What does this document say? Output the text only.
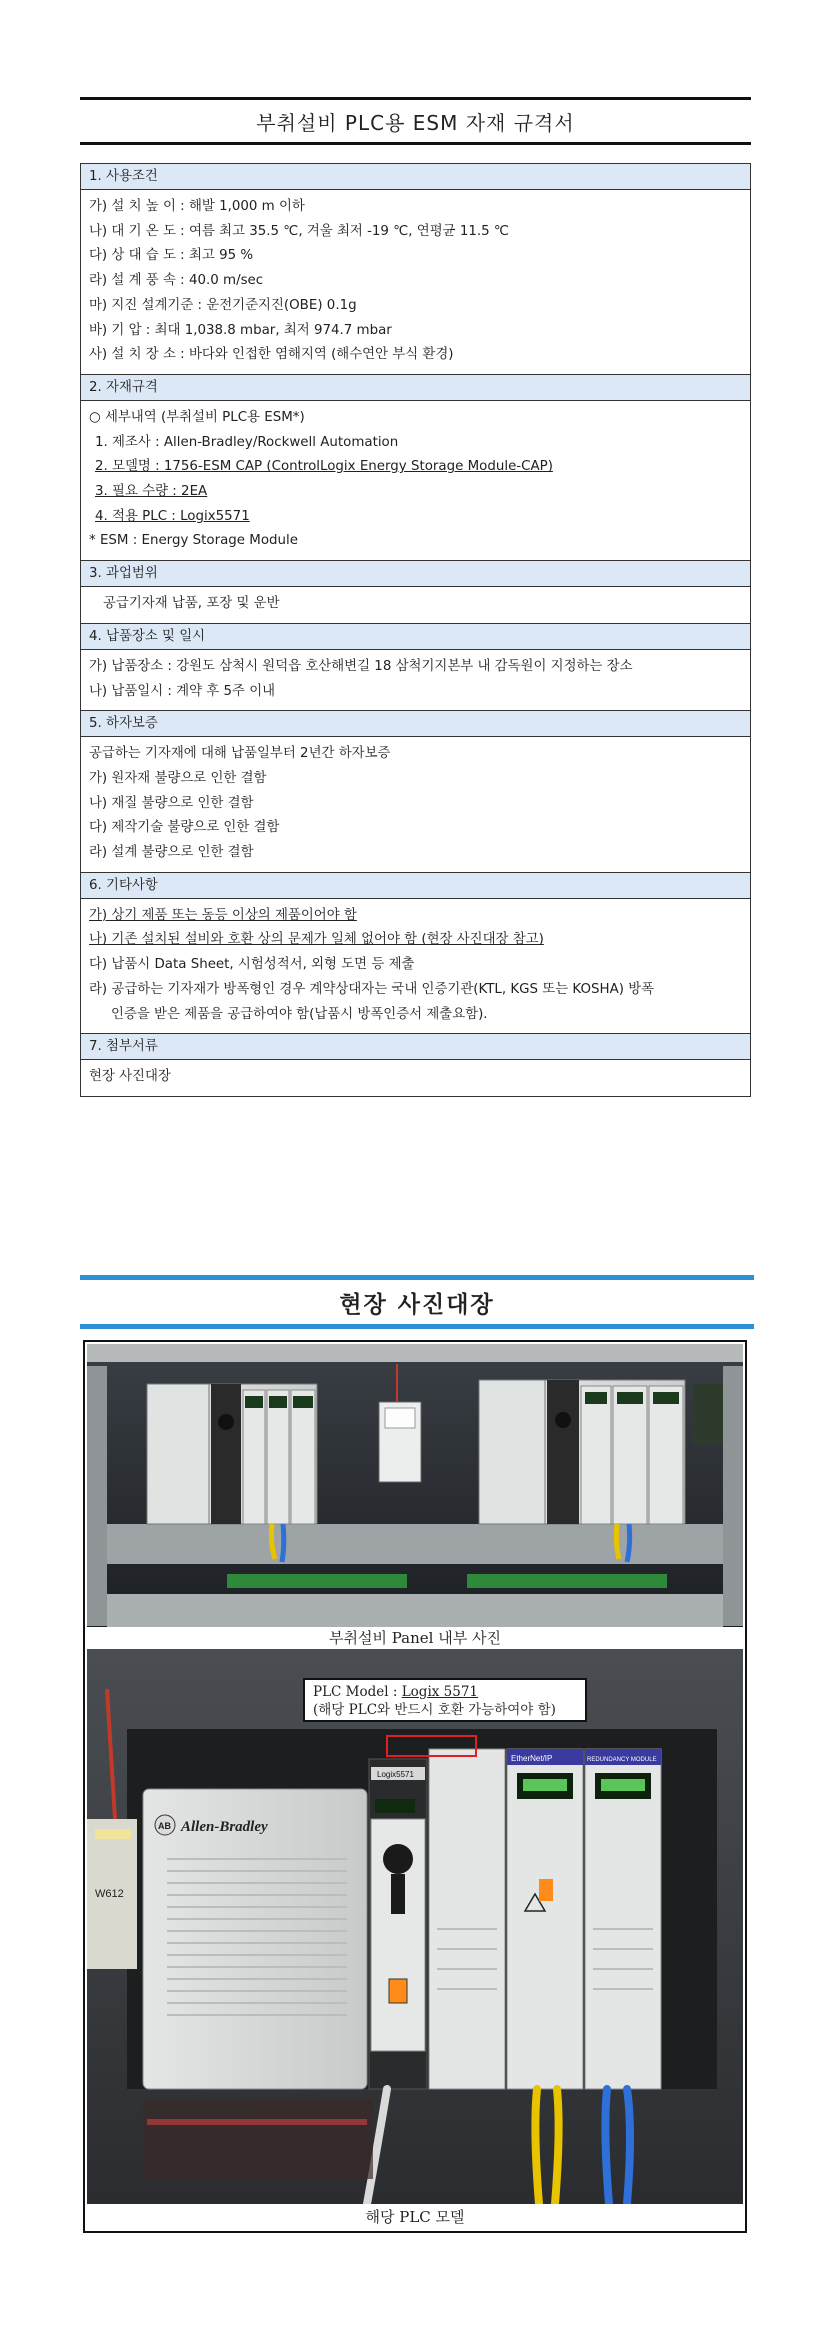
부취설비 PLC용 ESM 자재 규격서
1. 사용조건
가) 설 치 높 이 : 해발 1,000 m 이하
나) 대 기 온 도 : 여름 최고 35.5 ℃, 겨울 최저 -19 ℃, 연평균 11.5 ℃
다) 상 대 습 도 : 최고 95 %
라) 설 계 풍 속 : 40.0 m/sec
마) 지진 설계기준 : 운전기준지진(OBE) 0.1g
바) 기 압 : 최대 1,038.8 mbar, 최저 974.7 mbar
사) 설 치 장 소 : 바다와 인접한 염해지역 (해수연안 부식 환경)
2. 자재규격
○ 세부내역 (부취설비 PLC용 ESM*)
1. 제조사 : Allen-Bradley/Rockwell Automation
2. 모델명 : 1756-ESM CAP (ControlLogix Energy Storage Module-CAP)
3. 필요 수량 : 2EA
4. 적용 PLC : Logix5571
* ESM : Energy Storage Module
3. 과업범위
공급기자재 납품, 포장 및 운반
4. 납품장소 및 일시
가) 납품장소 : 강원도 삼척시 원덕읍 호산해변길 18 삼척기지본부 내 감독원이 지정하는 장소
나) 납품일시 : 계약 후 5주 이내
5. 하자보증
공급하는 기자재에 대해 납품일부터 2년간 하자보증
가) 원자재 불량으로 인한 결함
나) 재질 불량으로 인한 결함
다) 제작기술 불량으로 인한 결함
라) 설계 불량으로 인한 결함
6. 기타사항
가) 상기 제품 또는 동등 이상의 제품이어야 함
나) 기존 설치된 설비와 호환 상의 문제가 일체 없어야 함 (현장 사진대장 참고)
다) 납품시 Data Sheet, 시험성적서, 외형 도면 등 제출
라) 공급하는 기자재가 방폭형인 경우 계약상대자는 국내 인증기관(KTL, KGS 또는 KOSHA) 방폭
인증을 받은 제품을 공급하여야 함(납품시 방폭인증서 제출요함).
7. 첨부서류
현장 사진대장
현장 사진대장
부취설비 Panel 내부 사진
W612
AB Allen-Bradley
Logix5571
EtherNet/IP	REDUNDANCY MODULE
해당 PLC 모델
PLC Model : Logix 5571
(해당 PLC와 반드시 호환 가능하여야 함)
